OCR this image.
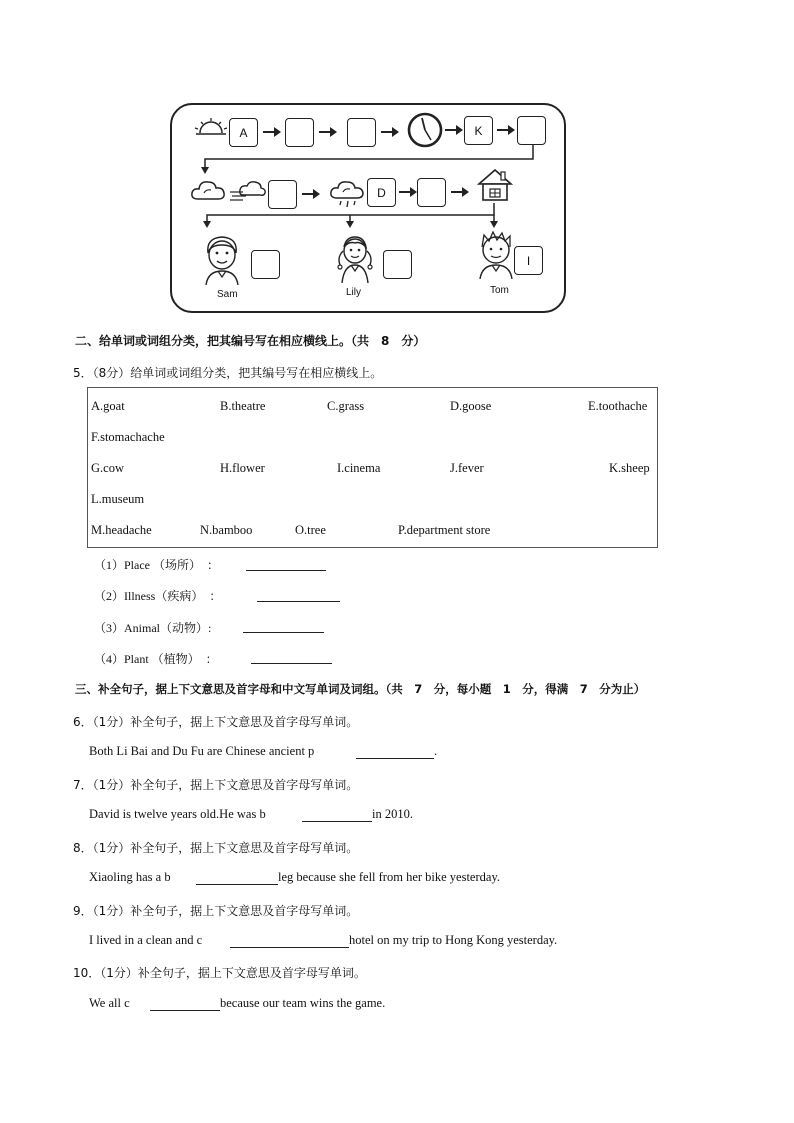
A	K
D
Sam	Lily	Tom
I
二、给单词或词组分类，把其编号写在相应横线上。（共　8　分）
5．（8分）给单词或词组分类，把其编号写在相应横线上。
A.goat	B.theatre	C.grass	D.goose	E.toothache
F.stomachache
G.cow	H.flower	I.cinema	J.fever	K.sheep
L.museum
M.headache	N.bamboo	O.tree	P.department store
（1）Place （场所）　：
（2）Illness（疾病）　：
（3）Animal（动物）:
（4）Plant （植物）　：
三、补全句子，据上下文意思及首字母和中文写单词及词组。（共　7　分，每小题　1　分，得满　7　分为止）
6．（1分）补全句子，据上下文意思及首字母写单词。
Both Li Bai and Du Fu are Chinese ancient p	.
7．（1分）补全句子，据上下文意思及首字母写单词。
David is twelve years old.He was b	in 2010.
8．（1分）补全句子，据上下文意思及首字母写单词。
Xiaoling has a b	leg because she fell from her bike yesterday.
9．（1分）补全句子，据上下文意思及首字母写单词。
I lived in a clean and c	hotel on my trip to Hong Kong yesterday.
10．（1分）补全句子，据上下文意思及首字母写单词。
We all c	because our team wins the game.
